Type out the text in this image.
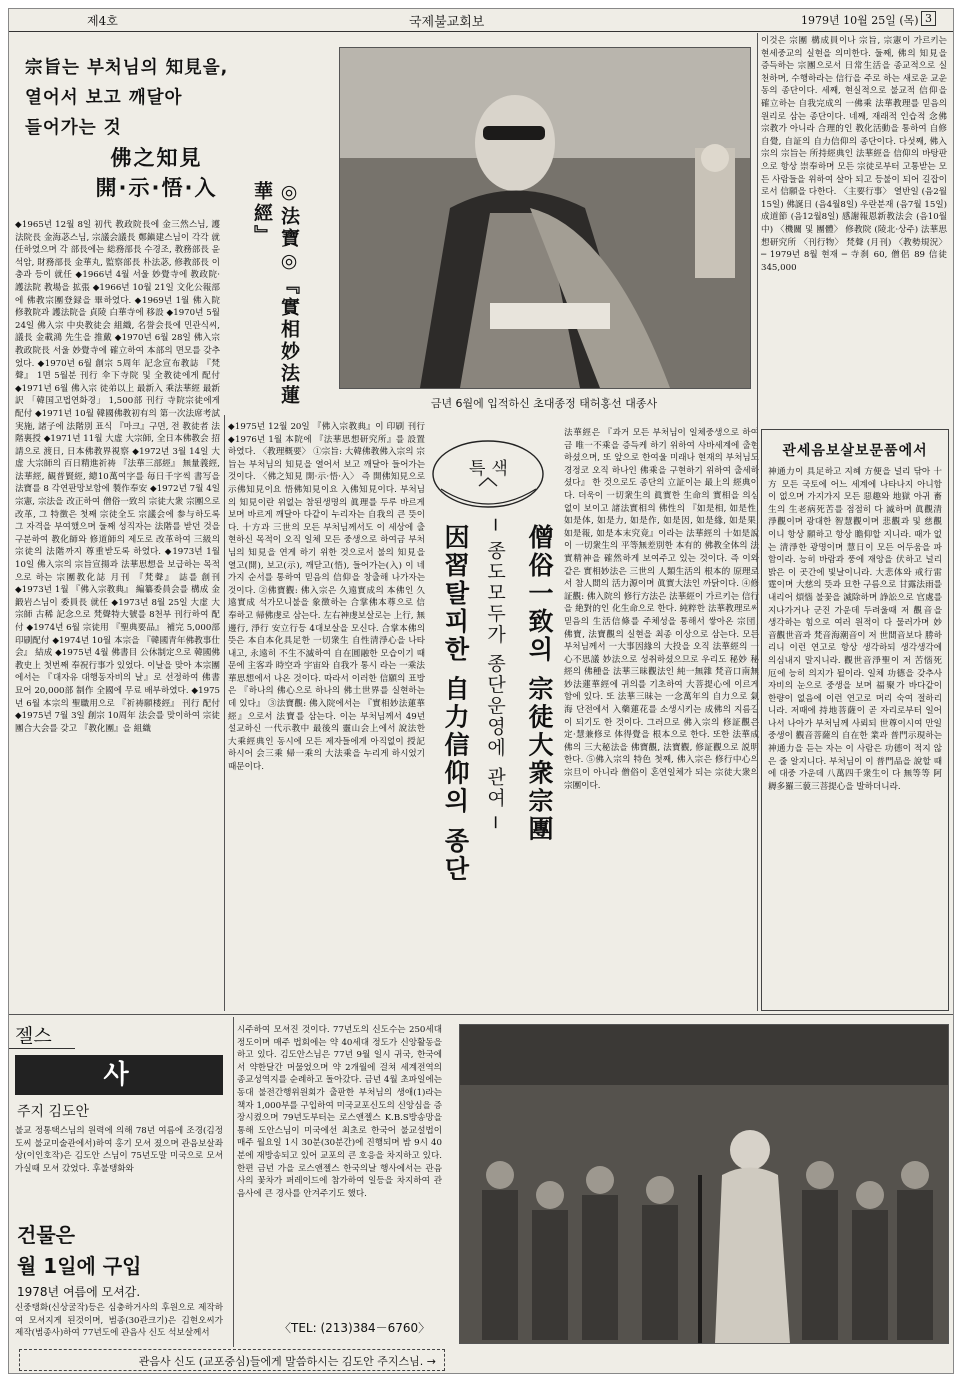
제4호	국제불교회보	1979년 10월 25일 (목) 3
宗旨는 부처님의 知見을,
열어서 보고 깨달아
들어가는 것
佛之知見
開·示·悟·入	◎法寶◎『實相妙法蓮華經』
◆1965년 12월 8일 初代 教政院長에 金三然스님, 護法院長 金海苾스님, 宗議会議長 鄭鎭建스님이 각각 就任하였으며 각 部長에는 総務部長 수경조, 教務部長 윤석암, 財務部長 金華丸, 監察部長 朴法苾, 修教部長 이충과 등이 就任 ◆1966년 4월 서울 妙覺寺에 教政院·護法院 教場을 拡張 ◆1966년 10월 21일 文化公報部에 佛教宗團登録을 畢하였다. ◆1969년 1월 佛入院 修教院과 護法院을 貞陵 白華寺에 移設 ◆1970년 5월 24일 佛入宗 中央教徒会 組織, 名誉会長에 민관식씨, 議長 金載鴻 先生을 推戴 ◆1970년 6월 28일 佛入宗 教政院長 서울 妙覺寺에 確立하여 本部의 면모를 갖추었다. ◆1970년 6월 創宗 5周年 記念宣布教誌 『梵聲』 1면 5월분 刊行 伞下寺院 및 全教徒에게 配付 ◆1971년 6월 佛入宗 徒弟以上 最新入 乘法華經 最新訳 「韓国고법연화경」 1,500部 刊行 寺院宗徒에게 配付 ◆1971년 10월 韓國佛教初有의 第一次法席考試 実施, 諸子에 法階別 표식 『마크』구면, 전 教徒者 法階裏授 ◆1971년 11월 大虚 大宗師, 全日本佛教会 招請으로 渡日, 日本佛教界視察 ◆1972년 3월 14일 大虚 大宗師의 百日精進祈祷 『法華三部經』 無量義經, 法華經, 観普賢經, 總10萬여字를 毎日千字씩 書写을 法寶를 8 각연판망보함에 製作奉安 ◆1972년 7월 4일 宗憲, 宗法을 改正하여 僧俗一致의 宗徒大衆 宗團으로 改革, 그 特徴은 첫째 宗徒全도 宗議会에 参与하도록 그 자격을 부여했으며 둘째 성직자는 法階를 받던 것을 구분하여 教化師와 修道師의 제도로 改革하여 三級의 宗徒의 法階까지 尊重받도록 하였다. ◆1973년 1월 10일 佛入宗의 宗旨宣揚과 法華思想을 보급하는 목적으로 하는 宗團教化誌 月刊 『梵聲』 誌를 創刊 ◆1973년 1월 『佛入宗教典』 編纂委員会를 構成 金鍛岩스님이 委員長 就任 ◆1973년 8월 25일 大虚 大宗師 古稀 記念으로 梵聲特大號를 8천부 刊行하여 配付 ◆1974년 6월 宗徒用 『聖典要品』 補完 5,000部 印刷配付 ◆1974년 10월 本宗을 『韓國青年佛教事仕会』 結成 ◆1975년 4월 佛書目 公休制定으로 韓國佛教史上 첫번째 奉祝行事가 있었다. 이날을 맞아 本宗團에서는 『대자유 대행동자비의 날』로 선정하여 佛書묘어 20,000部 制作 全國에 무료 배부하였다. ◆1975년 6월 本宗의 聖職用으로 『祈祷願楼經』 刊行 配付 ◆1975년 7월 3일 創宗 10周年 法会를 맞이하여 宗徒團合大会를 갖고 『教化團』을 組織
금년 6월에 입적하신 초대종정 태허홍선 대종사
◆1975년 12월 20일 『佛入宗教典』이 印刷 刊行 ◆1976년 1월 本院에 『法華思想研究所』를 設置하였다. 〈教理概要〉 ①宗旨: 大韓佛教佛入宗의 宗旨는 부처님의 知見을 열어서 보고 깨달아 들어가는 것이다. 〈佛之知見 開·示·悟·入〉 즉 開佛知見으로 示佛知見이요 悟佛知見이요 入佛知見이다. 부처님의 知見이란 위없는 참된생명의 眞理를 두루 바르게 보며 바르게 깨달아 다같이 누리자는 自我의 큰 뜻이다. 十方과 三世의 모든 부처님께서도 이 세상에 출현하신 목적이 오직 일체 모든 중생으로 하여금 부처님의 知見을 연게 하기 위한 것으로서 불의 知見을 열고(開), 보고(示), 깨닫고(悟), 들어가는(入) 이 네가지 순서를 통하여 믿음의 信仰을 창출해 나가자는 것이다. ②佛寶觀: 佛入宗은 久遠實成의 本佛인 久遠實成 석가모니불을 象徴하는 合掌佛本尊으로 信奉하고 帰佛虔로 삼는다. 左右神虔보살로는 上行, 無邊行, 淨行 安立行등 4대보살을 모신다. 合掌本佛의 뜻은 本自本化具足한 一切衆生 自性清淨心을 나타내고, 永遠히 不生不滅하여 自在圓融한 모습이기 때문에 主客과 時空과 宇宙와 自我가 통시 라는 一乘法華思想에서 나온 것이다. 따라서 이러한 信願의 표방은 『하나의 佛心으로 하나의 佛土世界를 실현하는데 있다』 ③法寶觀: 佛入院에서는 『實相妙法蓮華經』으로서 法寶를 삼는다. 이는 부처님께서 49년 설교하신 一代示教中 最後의 靈山会上에서 說法한 大乘經典인 동시에 모든 제자들에게 아직없이 授記하시어 会三乘 帰一乘의 大法乘을 누리게 하시었기 때문이다.
특색
僧俗一致의 宗徒大衆宗團
─ 종도모두가 종단운영에 관여 ─
因習탈피한 自力信仰의 종단
法華經은 『과거 모든 부처님이 일체중생으로 하여금 唯一不乘을 증득케 하기 위하여 사바세계에 출현하셨으며, 또 앞으로 한여울 미래나 현재의 부처님도 경정코 오직 하나인 佛乘을 구현하기 위하여 출세하셨다』 한 것으로도 종단의 立証이는 最上의 經典이다. 더욱이 一切衆生의 眞實한 生命의 實相을 의심없이 보이고 諸法實相의 佛性의 『如是相, 如是性, 如是体, 如是力, 如是作, 如是因, 如是緣, 如是果, 如是報, 如是本末究竟』이라는 法華經의 十如是說이 一切衆生의 平等無差別한 本有的 佛教全体의 法實精神을 確然하게 보여주고 있는 것이다. 즉 이와 같은 實相妙法은 三世의 人類生活의 根本的 原理로서 참人間의 活力源이며 眞實大法인 까닭이다. ④修証觀: 佛入院의 修行方法은 法華經이 가르키는 信行을 絶對的인 化生命으로 한다. 純粹한 法華教理로써 믿음의 生活信條를 주체성을 통해서 쌓아온 宗団, 佛寶, 法寶觀의 실현을 최종 이상으로 삼는다. 모든 부처님께서 一大事因緣의 大投을 오직 法華經의 一心不思議 妙法으로 성취하셨으므로 우리도 秘妙 秘經의 佛種을 法華三昧觀法인 純一無雜 梵音口南無妙法蓮華經에 귀의를 기초하여 大菩提心에 이르게 함에 있다. 또 法華三昧는 一念萬年의 自力으로 氣海 단전에서 入藥蓮花를 소생시키는 成佛의 지름길이 되기도 한 것이다. 그러므로 佛入宗의 修証觀은 定·慧兼修로 体得覺을 根本으로 한다. 또한 法華成佛의 三大秘法을 佛寶觀, 法寶觀, 修証觀으로 説明한다. ⑤佛入宗의 特色 첫째, 佛入宗은 修行中心의 宗旦이 아니라 僧俗이 혼연일체가 되는 宗徒大衆의 宗團이다.
이것은 宗團 構成員이나 宗旨, 宗憲이 가르키는 현세중교의 실현을 의미한다. 둘째, 佛의 知見을 증득하는 宗團으로서 日常生活을 종교적으로 실천하며, 수행하라는 信行을 주로 하는 새로운 교운동의 종단이다. 세째, 현실적으로 불교적 信仰을 確立하는 自我完成의 一佛乘 法華教理를 믿음의 원리로 삼는 종단이다. 네째, 재래적 인습적 念佛宗教가 아니라 合理的인 教化活動을 통하여 自修自覺, 自証의 自力信仰의 종단이다. 다섯째, 佛入宗의 宗旨는 所持經典인 法華經을 信仰의 바탕판으로 항상 崇奉하며 모든 宗徒로부터 고통받는 모든 사람들을 위하여 살아 되고 등불이 되어 길잡이로서 信願을 다한다. 〈主要行事〉 열반일 (음2월 15일) 佛誕日 (음4월8일) 우란분재 (음7월 15일) 成道節 (음12월8일) 感謝報恩新教法会 (음10월中) 〈機關 및 團體〉 修教院 (陵北·상주) 法華思想研究所 〈刊行物〉 梵聲 (月刊) 〈教勢規況〉 ─ 1979년 8월 현재 ─ 寺刹 60, 僧侶 89 信徒 345,000
관세음보살보문품에서
神通力이 具足하고 지혜 方便을 널리 닦아 十方 모든 국토에 어느 세계에 나타나지 아니함이 없으며 가지가지 모든 惡趣와 地獄 아귀 畜生의 生老病死苦를 점점히 다 滅하며 眞觀清淨觀이며 광대한 智慧觀이며 悲觀과 및 慈觀이니 항상 願하고 항상 瞻仰할 지니라. 때가 없는 清淨한 광명이며 慧日이 모든 어두움을 파함이라. 능히 바람과 풍에 재앙을 伏하고 널리 밝은 이 곳간에 빛날이니라. 大悲体와 戒行雷霆이며 大慈의 뜻과 묘한 구름으로 甘露法雨를 내리어 煩惱 불꽃을 滅除하며 諍訟으로 官處를 지나가거나 군진 가운데 두려울때 저 觀音을 생각하는 힘으로 여러 원적이 다 물러가며 妙音觀世音과 梵音海潮音이 저 世間音보다 勝하리니 이런 연고로 항상 생각하되 생각생각에 의심내지 말지니라. 觀世音淨聖이 저 苦惱死厄에 능히 의지가 될이라. 일체 功德을 갖추사 자비의 눈으로 중생을 보며 福聚가 바다같이 한량이 없음에 이런 연고로 머리 숙여 절하리니라. 저때에 持地菩薩이 곧 자리로부터 일어나서 나아가 부처님께 사뢰되 世尊이시여 만일 중생이 觀音菩薩의 自在한 業과 普門示現하는 神通力을 듣는 자는 이 사람은 功德이 적지 않은 줄 알지니다. 부처님이 이 普門品을 說할 때에 대중 가운데 八萬四千衆生이 다 無等等 阿耨多羅三藐三菩提心을 발하더니라.
젤스
사
주지 김도안
불교 정통택스님의 원력에 의해 78년 여름에 조경(김정도씨 불교미술관에서)하여 홍기 모셔 졌으며 관음보살좌상(이인호작)은 김도안 스님이 75년도말 미국으로 모셔 가실때 모셔 갔었다. 후불탱화와
건물은
월 1일에 구입
1978년 여름에 모셔감.
신중탱화(신상굴작)등은 심충하거사의 후원으로 제작하여 모셔지게 된것이며, 범종(30관크기)은 김현오씨가 제작(범종사)하여 77년도에 관음사 신도 석보살께서
시주하여 모셔진 것이다. 77년도의 신도수는 250세대 정도이며 매주 법회에는 약 40세대 정도가 신앙활동을 하고 있다. 김도안스님은 77년 9월 일시 귀국, 한국에서 약한달간 머물었으며 약 2개월에 걸쳐 세계전역의 종교성역지를 순례하고 돌아갔다. 금년 4월 초파일에는 동대 불전간행위원회가 출판한 부처님의 생애(1)라는 책자 1,000부를 구입하여 미국교포신도의 신앙심을 증장시켰으며 79년도부터는 로스앤젤스 K.B.S방송망을 통해 도안스님이 미국에선 최초로 한국어 불교설법이 매주 월요일 1시 30분(30분간)에 진행되며 밤 9시 40분에 재방송되고 있어 교포의 큰 호응을 차지하고 있다. 한편 금년 가을 로스앤젤스 한국의날 행사에서는 관음사의 꽃차가 퍼레이드에 참가하여 일등을 차지하여 관음사에 큰 경사를 안겨주기도 했다.
〈TEL: (213)384－6760〉
관음사 신도 (교포중심)들에게 말씀하시는 김도안 주지스님. →
